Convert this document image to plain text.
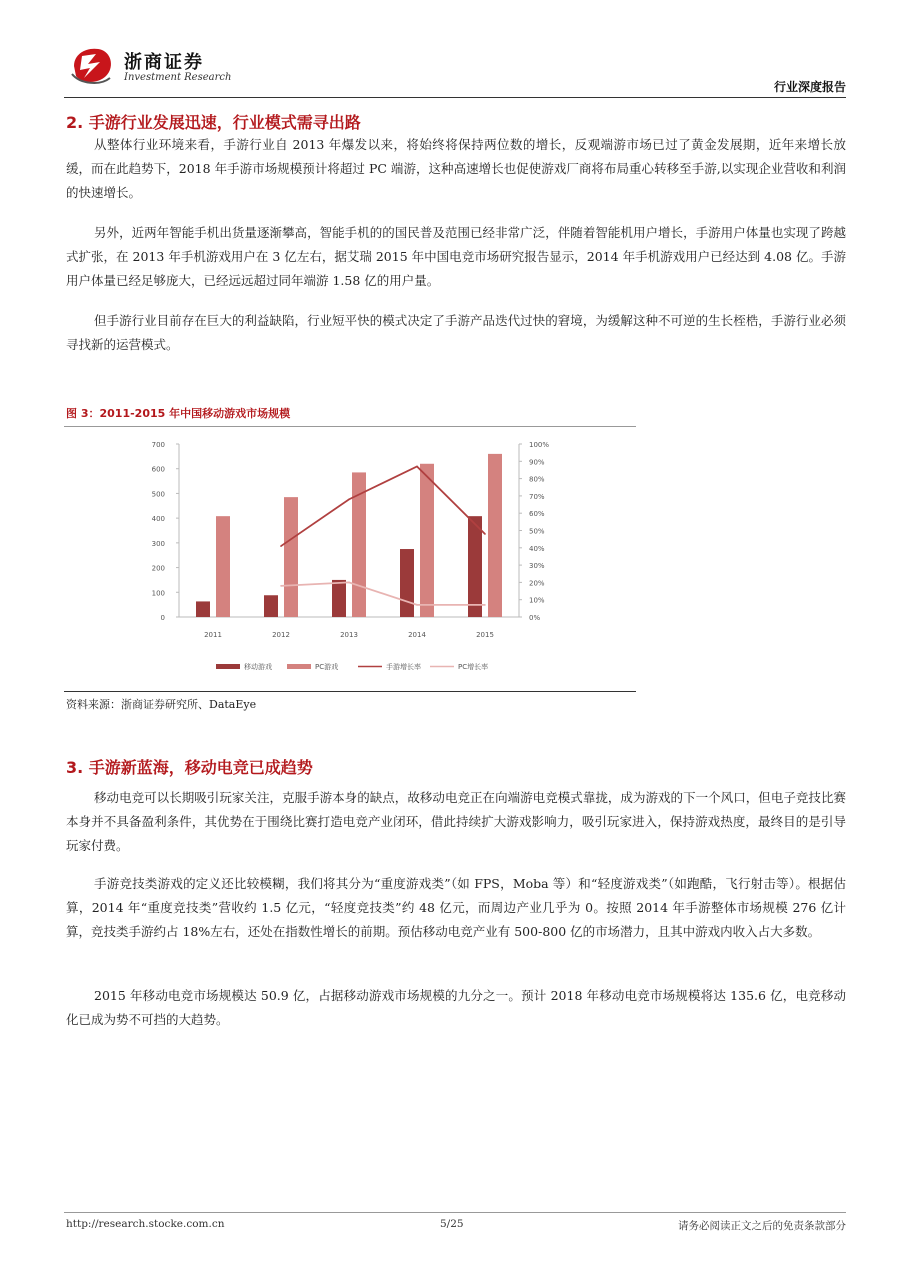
浙商证券
Investment Research
行业深度报告
2. 手游行业发展迅速，行业模式需寻出路

从整体行业环境来看，手游行业自 2013 年爆发以来，将始终将保持两位数的增长，反观端游市场已过了黄金发展期，近年来增长放缓，而在此趋势下，2018 年手游市场规模预计将超过 PC 端游，这种高速增长也促使游戏厂商将布局重心转移至手游,以实现企业营收和利润的快速增长。

另外，近两年智能手机出货量逐渐攀高，智能手机的的国民普及范围已经非常广泛，伴随着智能机用户增长，手游用户体量也实现了跨越式扩张，在 2013 年手机游戏用户在 3 亿左右，据艾瑞 2015 年中国电竞市场研究报告显示，2014 年手机游戏用户已经达到 4.08 亿。手游用户体量已经足够庞大，已经远远超过同年端游 1.58 亿的用户量。

但手游行业目前存在巨大的利益缺陷，行业短平快的模式决定了手游产品迭代过快的窘境，为缓解这种不可逆的生长桎梏，手游行业必须寻找新的运营模式。

图 3：2011-2015 年中国移动游戏市场规模
0
100
200
300
400
500
600
700
0%
10%
20%
30%
40%
50%
60%
70%
80%
90%
100%
2011	2012	2013	2014	2015
移动游戏	PC游戏	手游增长率	PC增长率
资料来源：浙商证券研究所、DataEye
3. 手游新蓝海，移动电竞已成趋势

移动电竞可以长期吸引玩家关注，克服手游本身的缺点，故移动电竞正在向端游电竞模式靠拢，成为游戏的下一个风口，但电子竞技比赛本身并不具备盈利条件，其优势在于围绕比赛打造电竞产业闭环，借此持续扩大游戏影响力，吸引玩家进入，保持游戏热度，最终目的是引导玩家付费。

手游竞技类游戏的定义还比较模糊，我们将其分为“重度游戏类”（如 FPS，Moba 等）和“轻度游戏类”（如跑酷，飞行射击等）。根据估算，2014 年“重度竞技类”营收约 1.5 亿元，“轻度竞技类”约 48 亿元，而周边产业几乎为 0。按照 2014 年手游整体市场规模 276 亿计算，竞技类手游约占 18%左右，还处在指数性增长的前期。预估移动电竞产业有 500-800 亿的市场潜力，且其中游戏内收入占大多数。

2015 年移动电竞市场规模达 50.9 亿，占据移动游戏市场规模的九分之一。预计 2018 年移动电竞市场规模将达 135.6 亿，电竞移动化已成为势不可挡的大趋势。

http://research.stocke.com.cn	5/25	请务必阅读正文之后的免责条款部分
